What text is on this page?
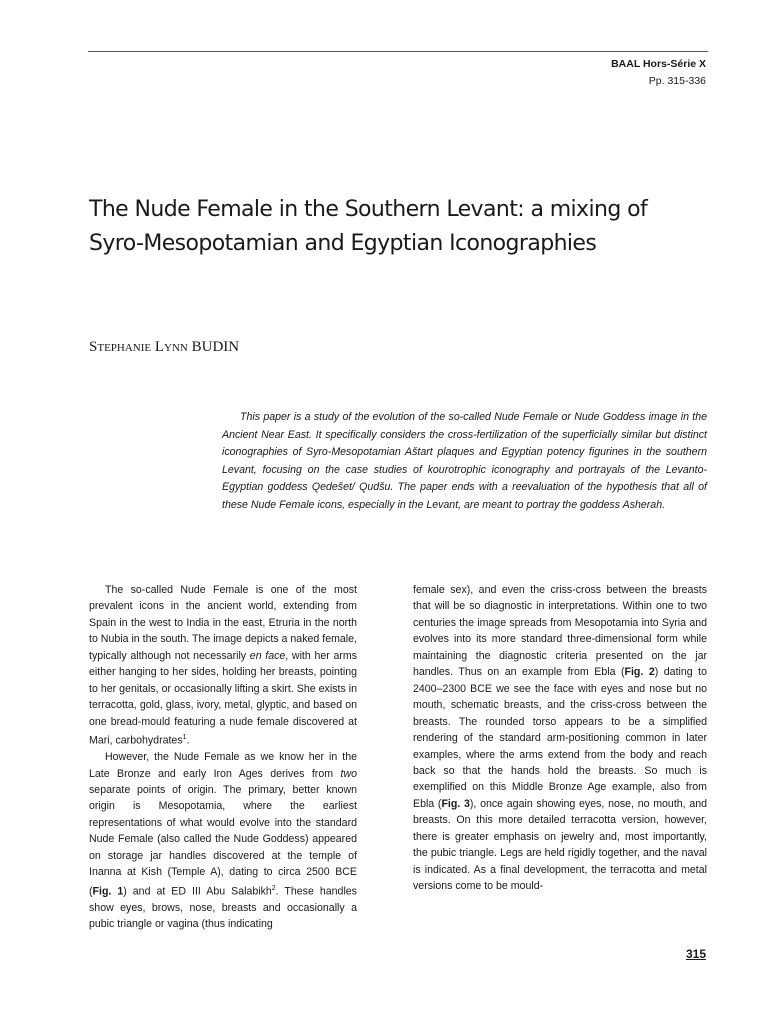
BAAL Hors-Série X
Pp. 315-336
The Nude Female in the Southern Levant: a mixing of
Syro-Mesopotamian and Egyptian Iconographies
STEPHANIE LYNN BUDIN

This paper is a study of the evolution of the so-called Nude Female or Nude Goddess image in the Ancient Near East. It specifically considers the cross-fertilization of the superficially similar but distinct iconographies of Syro-Mesopotamian Aštart plaques and Egyptian potency figurines in the southern Levant, focusing on the case studies of kourotrophic iconography and portrayals of the Levanto-Egyptian goddess Qedešet/ Qudšu. The paper ends with a reevaluation of the hypothesis that all of these Nude Female icons, especially in the Levant, are meant to portray the goddess Asherah.

The so-called Nude Female is one of the most prevalent icons in the ancient world, extending from Spain in the west to India in the east, Etruria in the north to Nubia in the south. The image depicts a naked female, typically although not necessarily en face, with her arms either hanging to her sides, holding her breasts, pointing to her genitals, or occasionally lifting a skirt. She exists in terracotta, gold, glass, ivory, metal, glyptic, and based on one bread-mould featuring a nude female discovered at Mari, carbohydrates$^1$.

However, the Nude Female as we know her in the Late Bronze and early Iron Ages derives from two separate points of origin. The primary, better known origin is Mesopotamia, where the earliest representations of what would evolve into the standard Nude Female (also called the Nude Goddess) appeared on storage jar handles discovered at the temple of Inanna at Kish (Temple A), dating to circa 2500 BCE (Fig. 1) and at ED III Abu Salabikh$^2$. These handles show eyes, brows, nose, breasts and occasionally a pubic triangle or vagina (thus indicating

female sex), and even the criss-cross between the breasts that will be so diagnostic in interpretations. Within one to two centuries the image spreads from Mesopotamia into Syria and evolves into its more standard three-dimensional form while maintaining the diagnostic criteria presented on the jar handles. Thus on an example from Ebla (Fig. 2) dating to 2400–2300 BCE we see the face with eyes and nose but no mouth, schematic breasts, and the criss-cross between the breasts. The rounded torso appears to be a simplified rendering of the standard arm-positioning common in later examples, where the arms extend from the body and reach back so that the hands hold the breasts. So much is exemplified on this Middle Bronze Age example, also from Ebla (Fig. 3), once again showing eyes, nose, no mouth, and breasts. On this more detailed terracotta version, however, there is greater emphasis on jewelry and, most importantly, the pubic triangle. Legs are held rigidly together, and the naval is indicated. As a final development, the terracotta and metal versions come to be mould-

315
